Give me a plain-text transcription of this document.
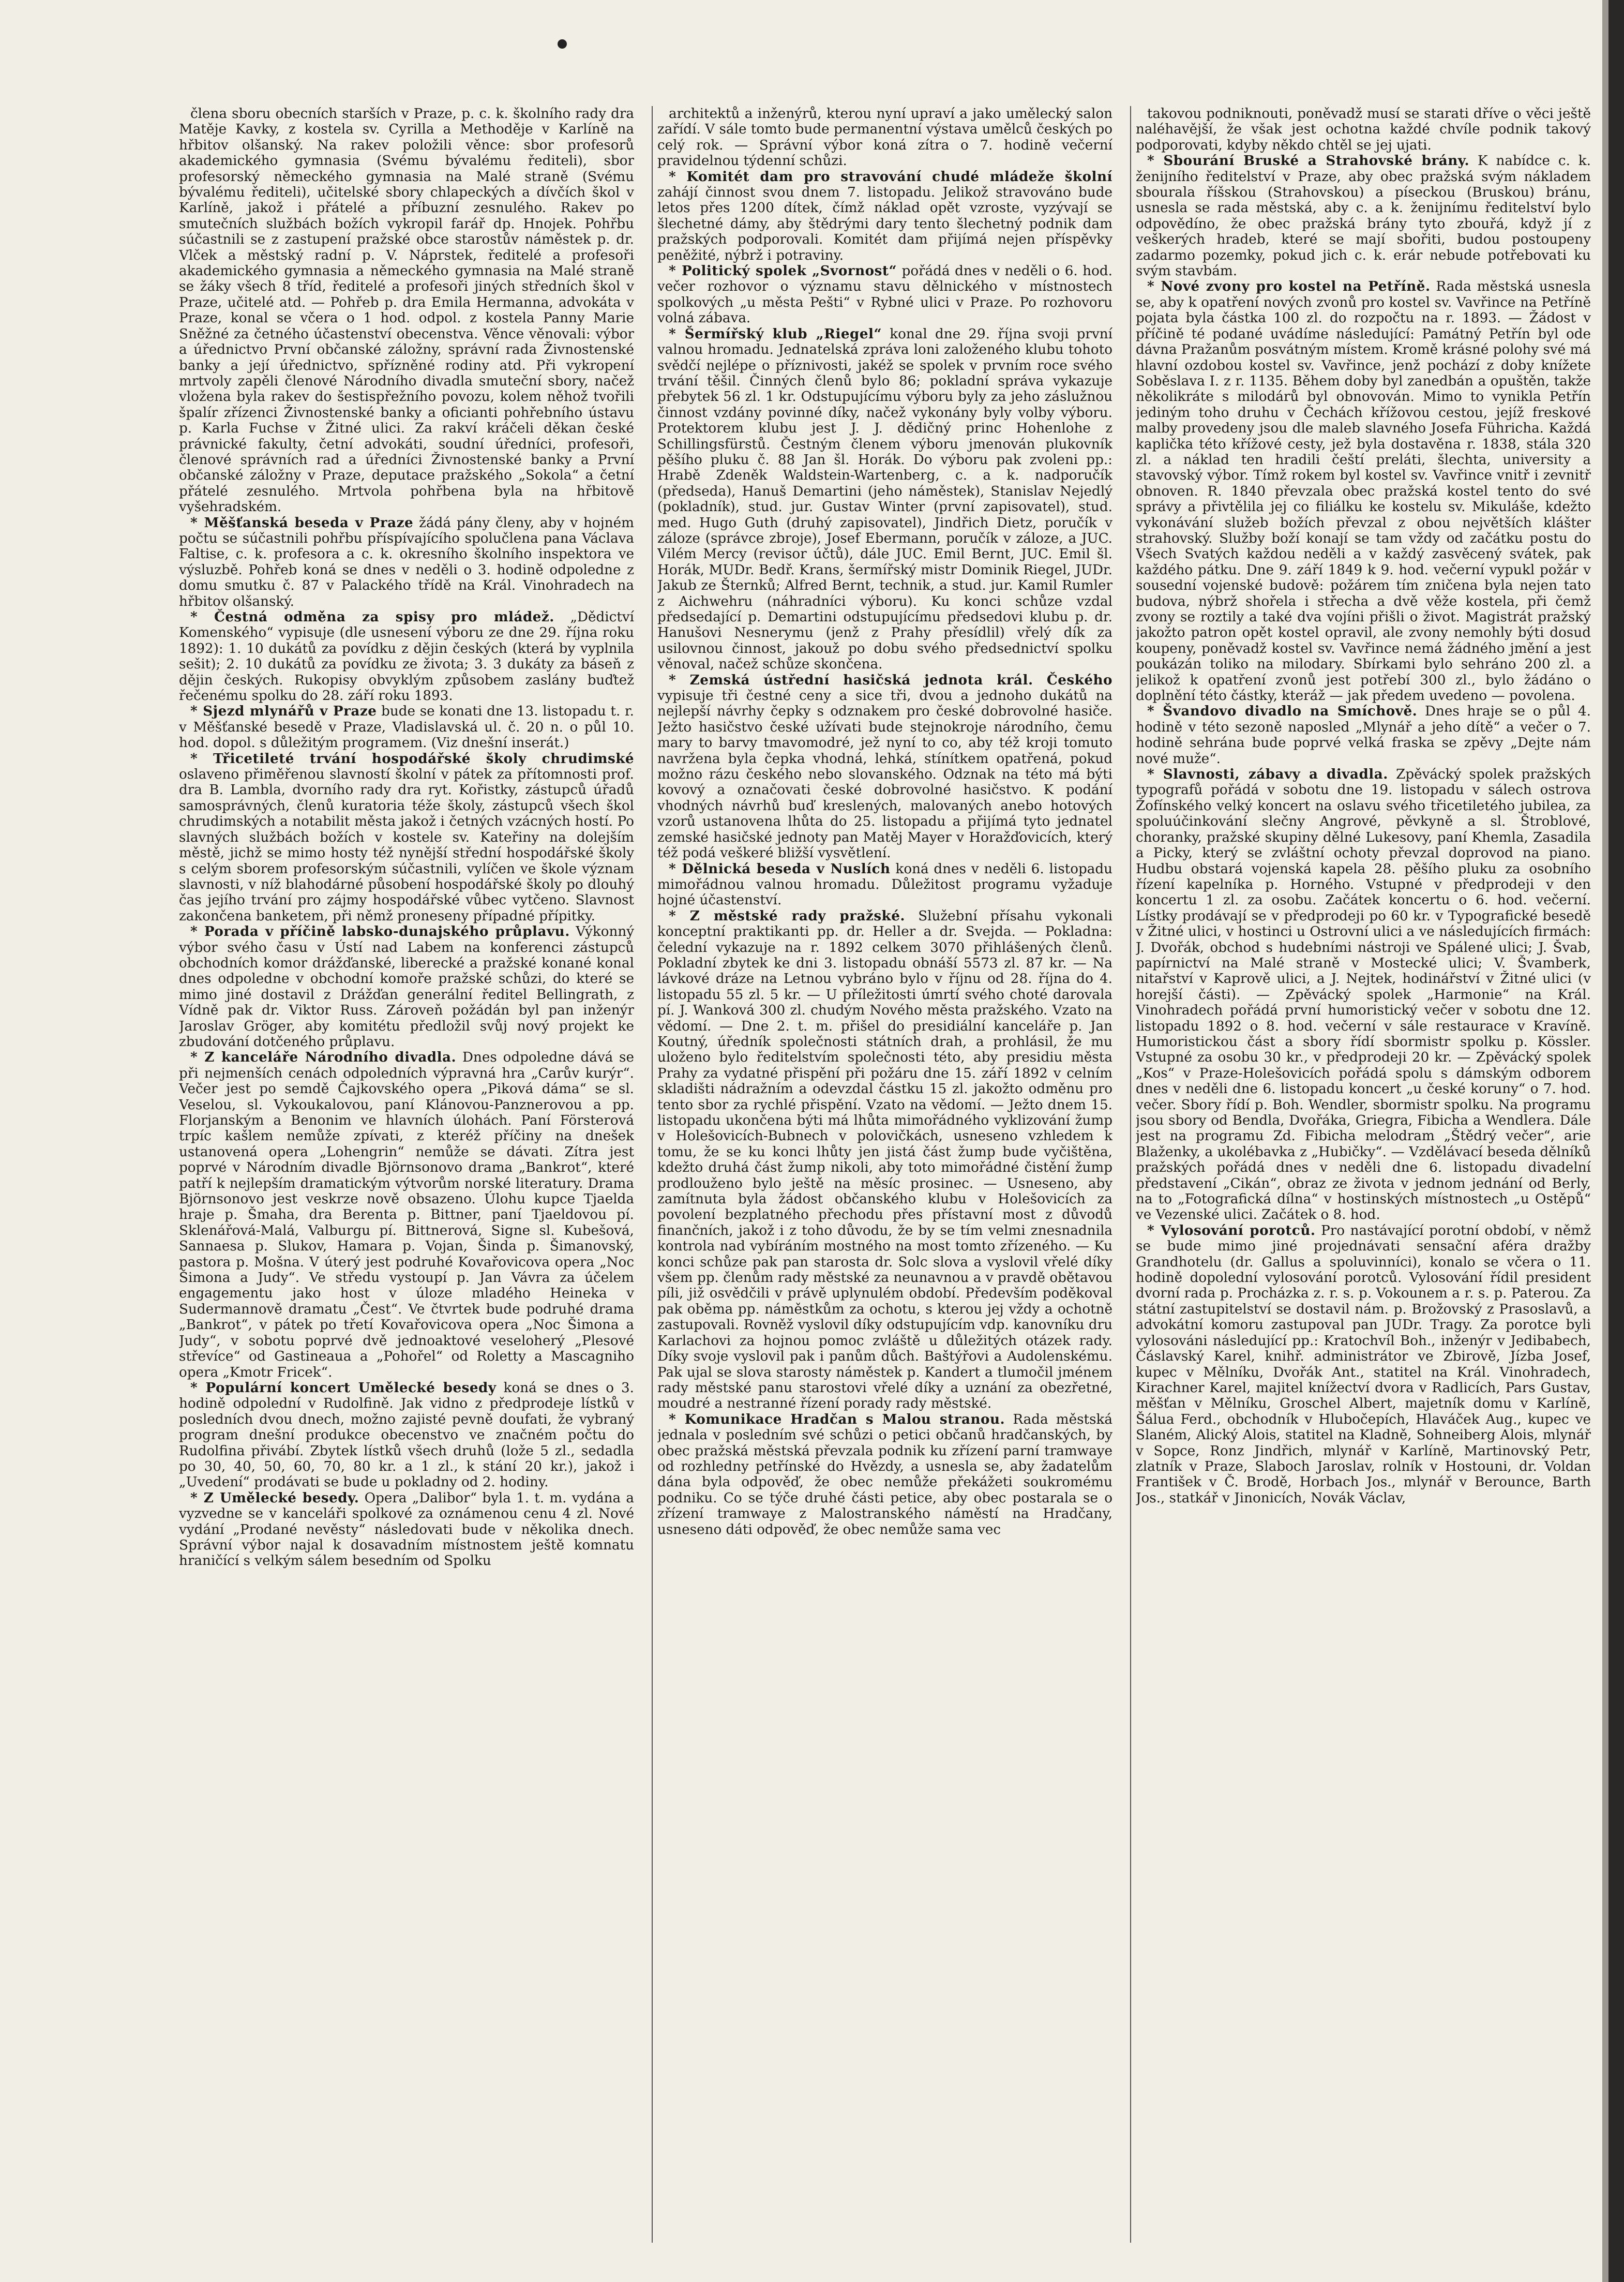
člena sboru obecních starších v Praze, p. c. k. školního rady dra Matěje Kavky, z kostela sv. Cyrilla a Methoděje v Karlíně na hřbitov olšanský. Na rakev položili věnce: sbor profesorů akademického gymnasia (Svému bývalému řediteli), sbor profesorský německého gymnasia na Malé straně (Svému bývalému řediteli), učitelské sbory chlapeckých a dívčích škol v Karlíně, jakož i přátelé a příbuzní zesnulého. Rakev po smutečních službách božích vykropil farář dp. Hnojek. Pohřbu súčastnili se z zastupení pražské obce starostův náměstek p. dr. Vlček a městský radní p. V. Náprstek, ředitelé a profesoři akademického gymnasia a německého gymnasia na Malé straně se žáky všech 8 tříd, ředitelé a profesoři jiných středních škol v Praze, učitelé atd. — Pohřeb p. dra Emila Hermanna, advokáta v Praze, konal se včera o 1 hod. odpol. z kostela Panny Marie Sněžné za četného účastenství obecenstva. Věnce věnovali: výbor a úřednictvo První občanské záložny, správní rada Živnostenské banky a její úřednictvo, spřízněné rodiny atd. Při vykropení mrtvoly zapěli členové Národního divadla smuteční sbory, načež vložena byla rakev do šestispřežního povozu, kolem něhož tvořili špalír zřízenci Živnostenské banky a oficianti pohřebního ústavu p. Karla Fuchse v Žitné ulici. Za rakví kráčeli děkan české právnické fakulty, četní advokáti, soudní úředníci, profesoři, členové správních rad a úředníci Živnostenské banky a První občanské záložny v Praze, deputace pražského „Sokola“ a četní přátelé zesnulého. Mrtvola pohřbena byla na hřbitově vyšehradském.

* Měšťanská beseda v Praze žádá pány členy, aby v hojném počtu se súčastnili pohřbu příspívajícího spolučlena pana Václava Faltise, c. k. profesora a c. k. okresního školního inspektora ve výsluzbě. Pohřeb koná se dnes v neděli o 3. hodině odpoledne z domu smutku č. 87 v Palackého třídě na Král. Vinohradech na hřbitov olšanský.

* Čestná odměna za spisy pro mládež. „Dědictví Komenského“ vypisuje (dle usnesení výboru ze dne 29. října roku 1892): 1. 10 dukátů za povídku z dějin českých (která by vyplnila sešit); 2. 10 dukátů za povídku ze života; 3. 3 dukáty za báseň z dějin českých. Rukopisy obvyklým způsobem zaslány buďtež řečenému spolku do 28. září roku 1893.

* Sjezd mlynářů v Praze bude se konati dne 13. listopadu t. r. v Měšťanské besedě v Praze, Vladislavská ul. č. 20 n. o půl 10. hod. dopol. s důležitým programem. (Viz dnešní inserát.)

* Třicetileté trvání hospodářské školy chrudimské oslaveno přiměřenou slavností školní v pátek za přítomnosti prof. dra B. Lambla, dvorního rady dra ryt. Kořistky, zástupců úřadů samosprávných, členů kuratoria téže školy, zástupců všech škol chrudimských a notabilit města jakož i četných vzácných hostí. Po slavných službách božích v kostele sv. Kateřiny na dolejším městě, jichž se mimo hosty též nynější střední hospodářské školy s celým sborem profesorským súčastnili, vylíčen ve škole význam slavnosti, v níž blahodárné působení hospodářské školy po dlouhý čas jejího trvání pro zájmy hospodářské vůbec vytčeno. Slavnost zakončena banketem, při němž proneseny případné přípitky.

* Porada v příčině labsko-dunajského průplavu. Výkonný výbor svého času v Ústí nad Labem na konferenci zástupců obchodních komor drážďanské, liberecké a pražské konané konal dnes odpoledne v obchodní komoře pražské schůzi, do které se mimo jiné dostavil z Drážďan generální ředitel Bellingrath, z Vídně pak dr. Viktor Russ. Zároveň požádán byl pan inženýr Jaroslav Gröger, aby komitétu předložil svůj nový projekt ke zbudování dotčeného průplavu.

* Z kanceláře Národního divadla. Dnes odpoledne dává se při nejmenších cenách odpoledních výpravná hra „Carův kurýr“. Večer jest po semdě Čajkovského opera „Piková dáma“ se sl. Veselou, sl. Vykoukalovou, paní Klánovou-Panznerovou a pp. Florjanským a Benonim ve hlavních úlohách. Paní Försterová trpíc kašlem nemůže zpívati, z kteréž příčiny na dnešek ustanovená opera „Lohengrin“ nemůže se dávati. Zítra jest poprvé v Národním divadle Björnsonovo drama „Bankrot“, které patří k nejlepším dramatickým výtvorům norské literatury. Drama Björnsonovo jest veskrze nově obsazeno. Úlohu kupce Tjaelda hraje p. Šmaha, dra Berenta p. Bittner, paní Tjaeldovou pí. Sklenářová-Malá, Valburgu pí. Bittnerová, Signe sl. Kubešová, Sannaesa p. Slukov, Hamara p. Vojan, Šinda p. Šimanovský, pastora p. Mošna. V úterý jest podruhé Kovařovicova opera „Noc Šimona a Judy“. Ve středu vystoupí p. Jan Vávra za účelem engagementu jako host v úloze mladého Heineka v Sudermannově dramatu „Čest“. Ve čtvrtek bude podruhé drama „Bankrot“, v pátek po třetí Kovařovicova opera „Noc Šimona a Judy“, v sobotu poprvé dvě jednoaktové veseloherý „Plesové střevíce“ od Gastineaua a „Pohořel“ od Roletty a Mascagniho opera „Kmotr Fricek“.

* Populární koncert Umělecké besedy koná se dnes o 3. hodině odpolední v Rudolfině. Jak vidno z předprodeje lístků v posledních dvou dnech, možno zajisté pevně doufati, že vybraný program dnešní produkce obecenstvo ve značném počtu do Rudolfina přivábí. Zbytek lístků všech druhů (lože 5 zl., sedadla po 30, 40, 50, 60, 70, 80 kr. a 1 zl., k stání 20 kr.), jakož i „Uvedení“ prodávati se bude u pokladny od 2. hodiny.

* Z Umělecké besedy. Opera „Dalibor“ byla 1. t. m. vydána a vyzvedne se v kanceláři spolkové za oznámenou cenu 4 zl. Nové vydání „Prodané nevěsty“ následovati bude v několika dnech. Správní výbor najal k dosavadním místnostem ještě komnatu hraničící s velkým sálem besedním od Spolku

architektů a inženýrů, kterou nyní upraví a jako umělecký salon zařídí. V sále tomto bude permanentní výstava umělců českých po celý rok. — Správní výbor koná zítra o 7. hodině večerní pravidelnou týdenní schůzi.

* Komitét dam pro stravování chudé mládeže školní zahájí činnost svou dnem 7. listopadu. Jelikož stravováno bude letos přes 1200 dítek, čímž náklad opět vzroste, vyzývají se šlechetné dámy, aby štědrými dary tento šlechetný podnik dam pražských podporovali. Komitét dam přijímá nejen příspěvky peněžité, nýbrž i potraviny.

* Politický spolek „Svornost“ pořádá dnes v neděli o 6. hod. večer rozhovor o významu stavu dělnického v místnostech spolkových „u města Pešti“ v Rybné ulici v Praze. Po rozhovoru volná zábava.

* Šermířský klub „Riegel“ konal dne 29. října svoji první valnou hromadu. Jednatelská zpráva loni založeného klubu tohoto svědčí nejlépe o příznivosti, jakéž se spolek v prvním roce svého trvání těšil. Činných členů bylo 86; pokladní správa vykazuje přebytek 56 zl. 1 kr. Odstupujícímu výboru byly za jeho záslužnou činnost vzdány povinné díky, načež vykonány byly volby výboru. Protektorem klubu jest J. J. dědičný princ Hohenlohe z Schillingsfürstů. Čestným členem výboru jmenován plukovník pěšího pluku č. 88 Jan šl. Horák. Do výboru pak zvoleni pp.: Hrabě Zdeněk Waldstein-Wartenberg, c. a k. nadporučík (předseda), Hanuš Demartini (jeho náměstek), Stanislav Nejedlý (pokladník), stud. jur. Gustav Winter (první zapisovatel), stud. med. Hugo Guth (druhý zapisovatel), Jindřich Dietz, poručík v záloze (správce zbroje), Josef Ebermann, poručík v záloze, a JUC. Vilém Mercy (revisor účtů), dále JUC. Emil Bernt, JUC. Emil šl. Horák, MUDr. Bedř. Krans, šermířský mistr Dominik Riegel, JUDr. Jakub ze Šternků; Alfred Bernt, technik, a stud. jur. Kamil Rumler z Aichwehru (náhradníci výboru). Ku konci schůze vzdal předsedající p. Demartini odstupujícímu předsedovi klubu p. dr. Hanušovi Nesnerymu (jenž z Prahy přesídlil) vřelý dík za usilovnou činnost, jakouž po dobu svého předsednictví spolku věnoval, načež schůze skončena.

* Zemská ústřední hasičská jednota král. Českého vypisuje tři čestné ceny a sice tři, dvou a jednoho dukátů na nejlepší návrhy čepky s odznakem pro české dobrovolné hasiče. Ježto hasičstvo české užívati bude stejnokroje národního, čemu mary to barvy tmavomodré, jež nyní to co, aby též kroji tomuto navržena byla čepka vhodná, lehká, stínítkem opatřená, pokud možno rázu českého nebo slovanského. Odznak na této má býti kovový a označovati české dobrovolné hasičstvo. K podání vhodných návrhů buď kreslených, malovaných anebo hotových vzorů ustanovena lhůta do 25. listopadu a přijímá tyto jednatel zemské hasičské jednoty pan Matěj Mayer v Horažďovicích, který též podá veškeré bližší vysvětlení.

* Dělnická beseda v Nuslích koná dnes v neděli 6. listopadu mimořádnou valnou hromadu. Důležitost programu vyžaduje hojné účastenství.

* Z městské rady pražské. Služební přísahu vykonali konceptní praktikanti pp. dr. Heller a dr. Svejda. — Pokladna: čelední vykazuje na r. 1892 celkem 3070 přihlášených členů. Pokladní zbytek ke dni 3. listopadu obnáší 5573 zl. 87 kr. — Na lávkové dráze na Letnou vybráno bylo v říjnu od 28. října do 4. listopadu 55 zl. 5 kr. — U příležitosti úmrtí svého choté darovala pí. J. Wanková 300 zl. chudým Nového města pražského. Vzato na vědomí. — Dne 2. t. m. přišel do presidiální kanceláře p. Jan Koutný, úředník společnosti státních drah, a prohlásil, že mu uloženo bylo ředitelstvím společnosti této, aby presidiu města Prahy za vydatné přispění při požáru dne 15. září 1892 v celním skladišti nádražním a odevzdal částku 15 zl. jakožto odměnu pro tento sbor za rychlé přispění. Vzato na vědomí. — Ježto dnem 15. listopadu ukončena býti má lhůta mimořádného vyklizování žump v Holešovicích-Bubnech v polovičkách, usneseno vzhledem k tomu, že se ku konci lhůty jen jistá část žump bude vyčištěna, kdežto druhá část žump nikoli, aby toto mimořádné čistění žump prodlouženo bylo ještě na měsíc prosinec. — Usneseno, aby zamítnuta byla žádost občanského klubu v Holešovicích za povolení bezplatného přechodu přes přístavní most z důvodů finančních, jakož i z toho důvodu, že by se tím velmi znesnadnila kontrola nad vybíráním mostného na most tomto zřízeného. — Ku konci schůze pak pan starosta dr. Solc slova a vyslovil vřelé díky všem pp. členům rady městské za neunavnou a v pravdě obětavou píli, již osvědčili v právě uplynulém období. Především poděkoval pak oběma pp. náměstkům za ochotu, s kterou jej vždy a ochotně zastupovali. Rovněž vyslovil díky odstupujícím vdp. kanovníku dru Karlachovi za hojnou pomoc zvláště u důležitých otázek rady. Díky svoje vyslovil pak i panům důch. Baštýřovi a Audolenskému. Pak ujal se slova starosty náměstek p. Kandert a tlumočil jménem rady městské panu starostovi vřelé díky a uznání za obezřetné, moudré a nestranné řízení porady rady městské.

* Komunikace Hradčan s Malou stranou. Rada městská jednala v posledním své schůzi o petici občanů hradčanských, by obec pražská městská převzala podnik ku zřízení parní tramwaye od rozhledny petřínské do Hvězdy, a usnesla se, aby žadatelům dána byla odpověď, že obec nemůže překážeti soukromému podniku. Co se týče druhé části petice, aby obec postarala se o zřízení tramwaye z Malostranského náměstí na Hradčany, usneseno dáti odpověď, že obec nemůže sama vec

takovou podniknouti, poněvadž musí se starati dříve o věci ještě naléhavější, že však jest ochotna každé chvíle podnik takový podporovati, kdyby někdo chtěl se jej ujati.

* Sbourání Bruské a Strahovské brány. K nabídce c. k. ženijního ředitelství v Praze, aby obec pražská svým nákladem sbourala říšskou (Strahovskou) a píseckou (Bruskou) bránu, usnesla se rada městská, aby c. a k. ženijnímu ředitelství bylo odpovědíno, že obec pražská brány tyto zbouřá, když jí z veškerých hradeb, které se mají sbořiti, budou postoupeny zadarmo pozemky, pokud jich c. k. erár nebude potřebovati ku svým stavbám.

* Nové zvony pro kostel na Petříně. Rada městská usnesla se, aby k opatření nových zvonů pro kostel sv. Vavřince na Petříně pojata byla částka 100 zl. do rozpočtu na r. 1893. — Žádost v příčině té podané uvádíme následující: Památný Petřín byl ode dávna Pražanům posvátným místem. Kromě krásné polohy své má hlavní ozdobou kostel sv. Vavřince, jenž pochází z doby knížete Soběslava I. z r. 1135. Během doby byl zanedbán a opuštěn, takže několikráte s milodárů byl obnovován. Mimo to vynikla Petřín jediným toho druhu v Čechách křížovou cestou, jejíž freskové malby provedeny jsou dle maleb slavného Josefa Führicha. Každá kaplička této křížové cesty, jež byla dostavěna r. 1838, stála 320 zl. a náklad ten hradili čeští preláti, šlechta, university a stavovský výbor. Tímž rokem byl kostel sv. Vavřince vnitř i zevnitř obnoven. R. 1840 převzala obec pražská kostel tento do své správy a přivtělila jej co filiálku ke kostelu sv. Mikuláše, kdežto vykonávání služeb božích převzal z obou největších klášter strahovský. Služby boží konají se tam vždy od začátku postu do Všech Svatých každou neděli a v každý zasvěcený svátek, pak každého pátku. Dne 9. září 1849 k 9. hod. večerní vypukl požár v sousední vojenské budově: požárem tím zničena byla nejen tato budova, nýbrž shořela i střecha a dvě věže kostela, při čemž zvony se roztily a také dva vojíni přišli o život. Magistrát pražský jakožto patron opět kostel opravil, ale zvony nemohly býti dosud koupeny, poněvadž kostel sv. Vavřince nemá žádného jmění a jest poukázán toliko na milodary. Sbírkami bylo sehráno 200 zl. a jelikož k opatření zvonů jest potřebí 300 zl., bylo žádáno o doplnění této částky, kteráž — jak předem uvedeno — povolena.

* Švandovo divadlo na Smíchově. Dnes hraje se o půl 4. hodině v této sezoně naposled „Mlynář a jeho dítě“ a večer o 7. hodině sehrána bude poprvé velká fraska se zpěvy „Dejte nám nové muže“.

* Slavnosti, zábavy a divadla. Zpěvácký spolek pražských typografů pořádá v sobotu dne 19. listopadu v sálech ostrova Žofínského velký koncert na oslavu svého třicetiletého jubilea, za spoluúčinkování slečny Angrové, pěvkyně a sl. Štroblové, choranky, pražské skupiny dělné Lukesovy, paní Khemla, Zasadila a Picky, který se zvláštní ochoty převzal doprovod na piano. Hudbu obstará vojenská kapela 28. pěšího pluku za osobního řízení kapelníka p. Horného. Vstupné v předprodeji v den koncertu 1 zl. za osobu. Začátek koncertu o 6. hod. večerní. Lístky prodávají se v předprodeji po 60 kr. v Typografické besedě v Žitné ulici, v hostinci u Ostrovní ulici a ve následujících firmách: J. Dvořák, obchod s hudebními nástroji ve Spálené ulici; J. Švab, papírnictví na Malé straně v Mostecké ulici; V. Švamberk, nitařství v Kaprově ulici, a J. Nejtek, hodinářství v Žitné ulici (v horejší části). — Zpěvácký spolek „Harmonie“ na Král. Vinohradech pořádá první humoristický večer v sobotu dne 12. listopadu 1892 o 8. hod. večerní v sále restaurace v Kravíně. Humoristickou část a sbory řídí sbormistr spolku p. Kössler. Vstupné za osobu 30 kr., v předprodeji 20 kr. — Zpěvácký spolek „Kos“ v Praze-Holešovicích pořádá spolu s dámským odborem dnes v neděli dne 6. listopadu koncert „u české koruny“ o 7. hod. večer. Sbory řídí p. Boh. Wendler, sbormistr spolku. Na programu jsou sbory od Bendla, Dvořáka, Griegra, Fibicha a Wendlera. Dále jest na programu Zd. Fibicha melodram „Štědrý večer“, arie Blaženky, a ukolébavka z „Hubičky“. — Vzdělávací beseda dělníků pražských pořádá dnes v neděli dne 6. listopadu divadelní představení „Cikán“, obraz ze života v jednom jednání od Berly, na to „Fotografická dílna“ v hostinských místnostech „u Ostěpů“ ve Vezenské ulici. Začátek o 8. hod.

* Vylosování porotců. Pro nastávající porotní období, v němž se bude mimo jiné projednávati sensační aféra dražby Grandhotelu (dr. Gallus a spoluvinníci), konalo se včera o 11. hodině dopolední vylosování porotců. Vylosování řídil president dvorní rada p. Procházka z. r. s. p. Vokounem a r. s. p. Paterou. Za státní zastupitelství se dostavil nám. p. Brožovský z Prasoslavů, a advokátní komoru zastupoval pan JUDr. Tragy. Za porotce byli vylosováni následující pp.: Kratochvíl Boh., inženýr v Jedibabech, Čáslavský Karel, knihř. administrátor ve Zbirově, Jízba Josef, kupec v Mělníku, Dvořák Ant., statitel na Král. Vinohradech, Kirachner Karel, majitel knížectví dvora v Radlicích, Pars Gustav, měšťan v Mělníku, Groschel Albert, majetník domu v Karlíně, Šálua Ferd., obchodník v Hlubočepích, Hlaváček Aug., kupec ve Slaném, Alický Alois, statitel na Kladně, Sohneiberg Alois, mlynář v Sopce, Ronz Jindřich, mlynář v Karlíně, Martinovský Petr, zlatník v Praze, Slaboch Jaroslav, rolník v Hostouni, dr. Voldan František v Č. Brodě, Horbach Jos., mlynář v Berounce, Barth Jos., statkář v Jinonicích, Novák Václav,
